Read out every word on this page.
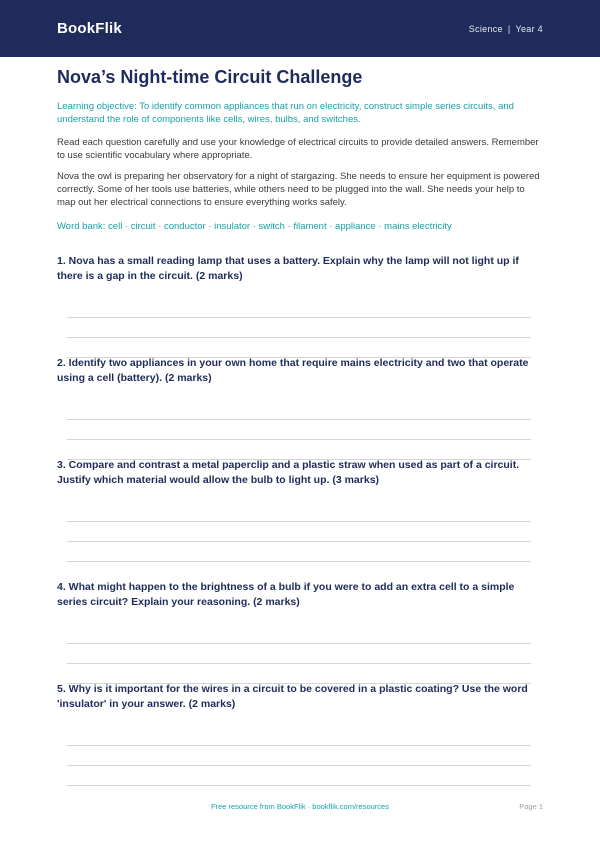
BookFlik	Science | Year 4
Nova’s Night-time Circuit Challenge
Learning objective: To identify common appliances that run on electricity, construct simple series circuits, and understand the role of components like cells, wires, bulbs, and switches.
Read each question carefully and use your knowledge of electrical circuits to provide detailed answers. Remember to use scientific vocabulary where appropriate.
Nova the owl is preparing her observatory for a night of stargazing. She needs to ensure her equipment is powered correctly. Some of her tools use batteries, while others need to be plugged into the wall. She needs your help to map out her electrical connections to ensure everything works safely.
Word bank: cell · circuit · conductor · insulator · switch · filament · appliance · mains electricity
1. Nova has a small reading lamp that uses a battery. Explain why the lamp will not light up if there is a gap in the circuit. (2 marks)
2. Identify two appliances in your own home that require mains electricity and two that operate using a cell (battery). (2 marks)
3. Compare and contrast a metal paperclip and a plastic straw when used as part of a circuit. Justify which material would allow the bulb to light up. (3 marks)
4. What might happen to the brightness of a bulb if you were to add an extra cell to a simple series circuit? Explain your reasoning. (2 marks)
5. Why is it important for the wires in a circuit to be covered in a plastic coating? Use the word 'insulator' in your answer. (2 marks)
Free resource from BookFlik · bookflik.com/resources	Page 1
